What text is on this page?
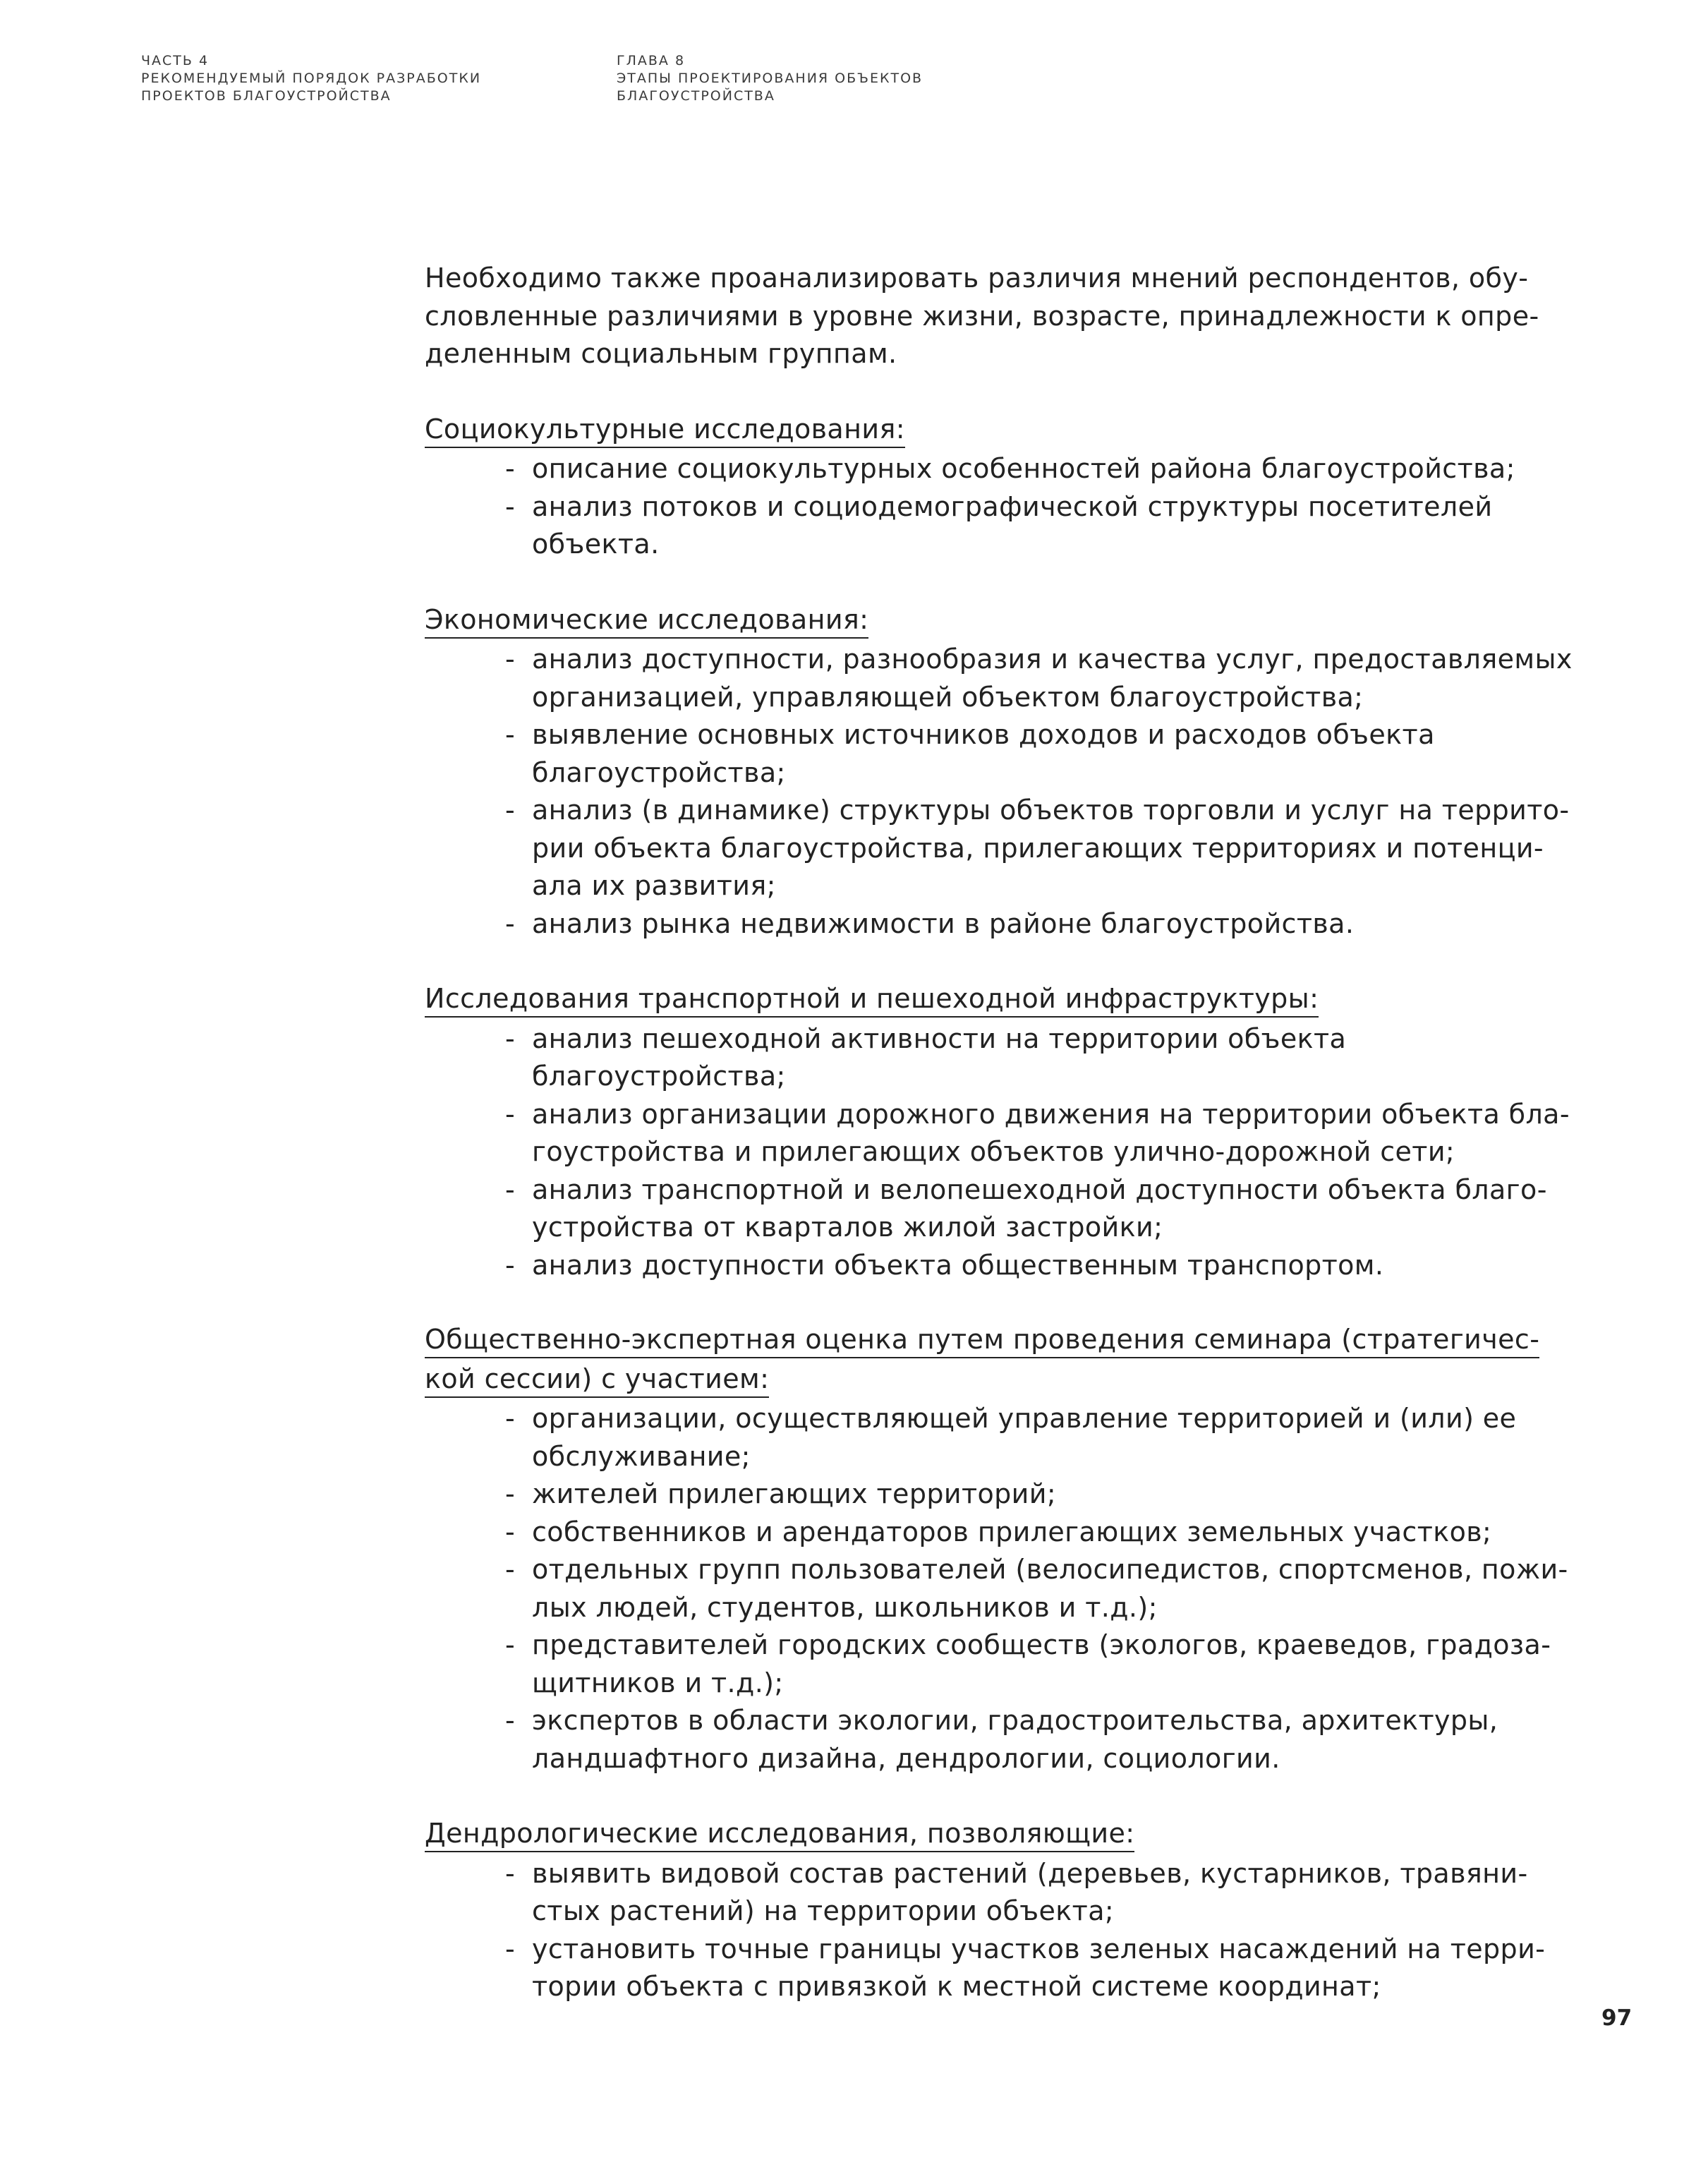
ЧАСТЬ 4
РЕКОМЕНДУЕМЫЙ ПОРЯДОК РАЗРАБОТКИ
ПРОЕКТОВ БЛАГОУСТРОЙСТВА
ГЛАВА 8
ЭТАПЫ ПРОЕКТИРОВАНИЯ ОБЪЕКТОВ
БЛАГОУСТРОЙСТВА
Необходимо также проанализировать различия мнений респондентов, обу-
словленные различиями в уровне жизни, возрасте, принадлежности к опре-
деленным социальным группам.
Социокультурные исследования:
- описание социокультурных особенностей района благоустройства;
- анализ потоков и социодемографической структуры посетителей
объекта.
Экономические исследования:
- анализ доступности, разнообразия и качества услуг, предоставляемых
организацией, управляющей объектом благоустройства;
- выявление основных источников доходов и расходов объекта
благоустройства;
- анализ (в динамике) структуры объектов торговли и услуг на террито-
рии объекта благоустройства, прилегающих территориях и потенци-
ала их развития;
- анализ рынка недвижимости в районе благоустройства.
Исследования транспортной и пешеходной инфраструктуры:
- анализ пешеходной активности на территории объекта
благоустройства;
- анализ организации дорожного движения на территории объекта бла-
гоустройства и прилегающих объектов улично-дорожной сети;
- анализ транспортной и велопешеходной доступности объекта благо-
устройства от кварталов жилой застройки;
- анализ доступности объекта общественным транспортом.
Общественно-экспертная оценка путем проведения семинара (стратегичес-
кой сессии) с участием:
- организации, осуществляющей управление территорией и (или) ее
обслуживание;
- жителей прилегающих территорий;
- собственников и арендаторов прилегающих земельных участков;
- отдельных групп пользователей (велосипедистов, спортсменов, пожи-
лых людей, студентов, школьников и т.д.);
- представителей городских сообществ (экологов, краеведов, градоза-
щитников и т.д.);
- экспертов в области экологии, градостроительства, архитектуры,
ландшафтного дизайна, дендрологии, социологии.
Дендрологические исследования, позволяющие:
- выявить видовой состав растений (деревьев, кустарников, травяни-
стых растений) на территории объекта;
- установить точные границы участков зеленых насаждений на терри-
тории объекта с привязкой к местной системе координат;
97
